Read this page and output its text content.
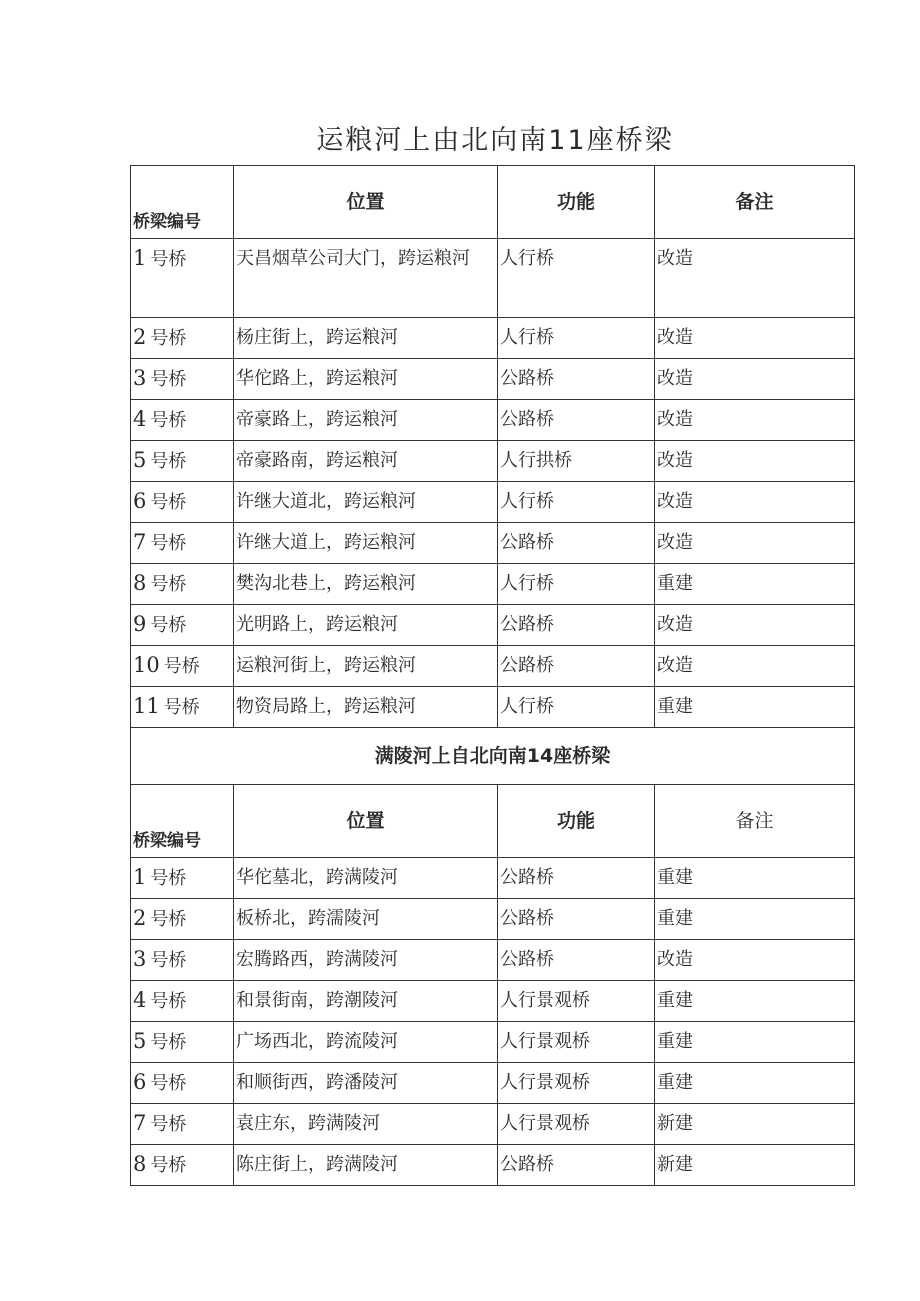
运粮河上由北向南11座桥梁
桥梁编号	位置	功能	备注
1 号桥	天昌烟草公司大门，跨运粮河	人行桥	改造
2 号桥	杨庄街上，跨运粮河	人行桥	改造
3 号桥	华佗路上，跨运粮河	公路桥	改造
4 号桥	帝豪路上，跨运粮河	公路桥	改造
5 号桥	帝豪路南，跨运粮河	人行拱桥	改造
6 号桥	许继大道北，跨运粮河	人行桥	改造
7 号桥	许继大道上，跨运粮河	公路桥	改造
8 号桥	樊沟北巷上，跨运粮河	人行桥	重建
9 号桥	光明路上，跨运粮河	公路桥	改造
10 号桥	运粮河街上，跨运粮河	公路桥	改造
11 号桥	物资局路上，跨运粮河	人行桥	重建
满陵河上自北向南14座桥梁			
桥梁编号	位置	功能	备注
1 号桥	华佗墓北，跨满陵河	公路桥	重建
2 号桥	板桥北，跨濡陵河	公路桥	重建
3 号桥	宏腾路西，跨满陵河	公路桥	改造
4 号桥	和景街南，跨潮陵河	人行景观桥	重建
5 号桥	广场西北，跨流陵河	人行景观桥	重建
6 号桥	和顺街西，跨潘陵河	人行景观桥	重建
7 号桥	袁庄东，跨满陵河	人行景观桥	新建
8 号桥	陈庄街上，跨满陵河	公路桥	新建
